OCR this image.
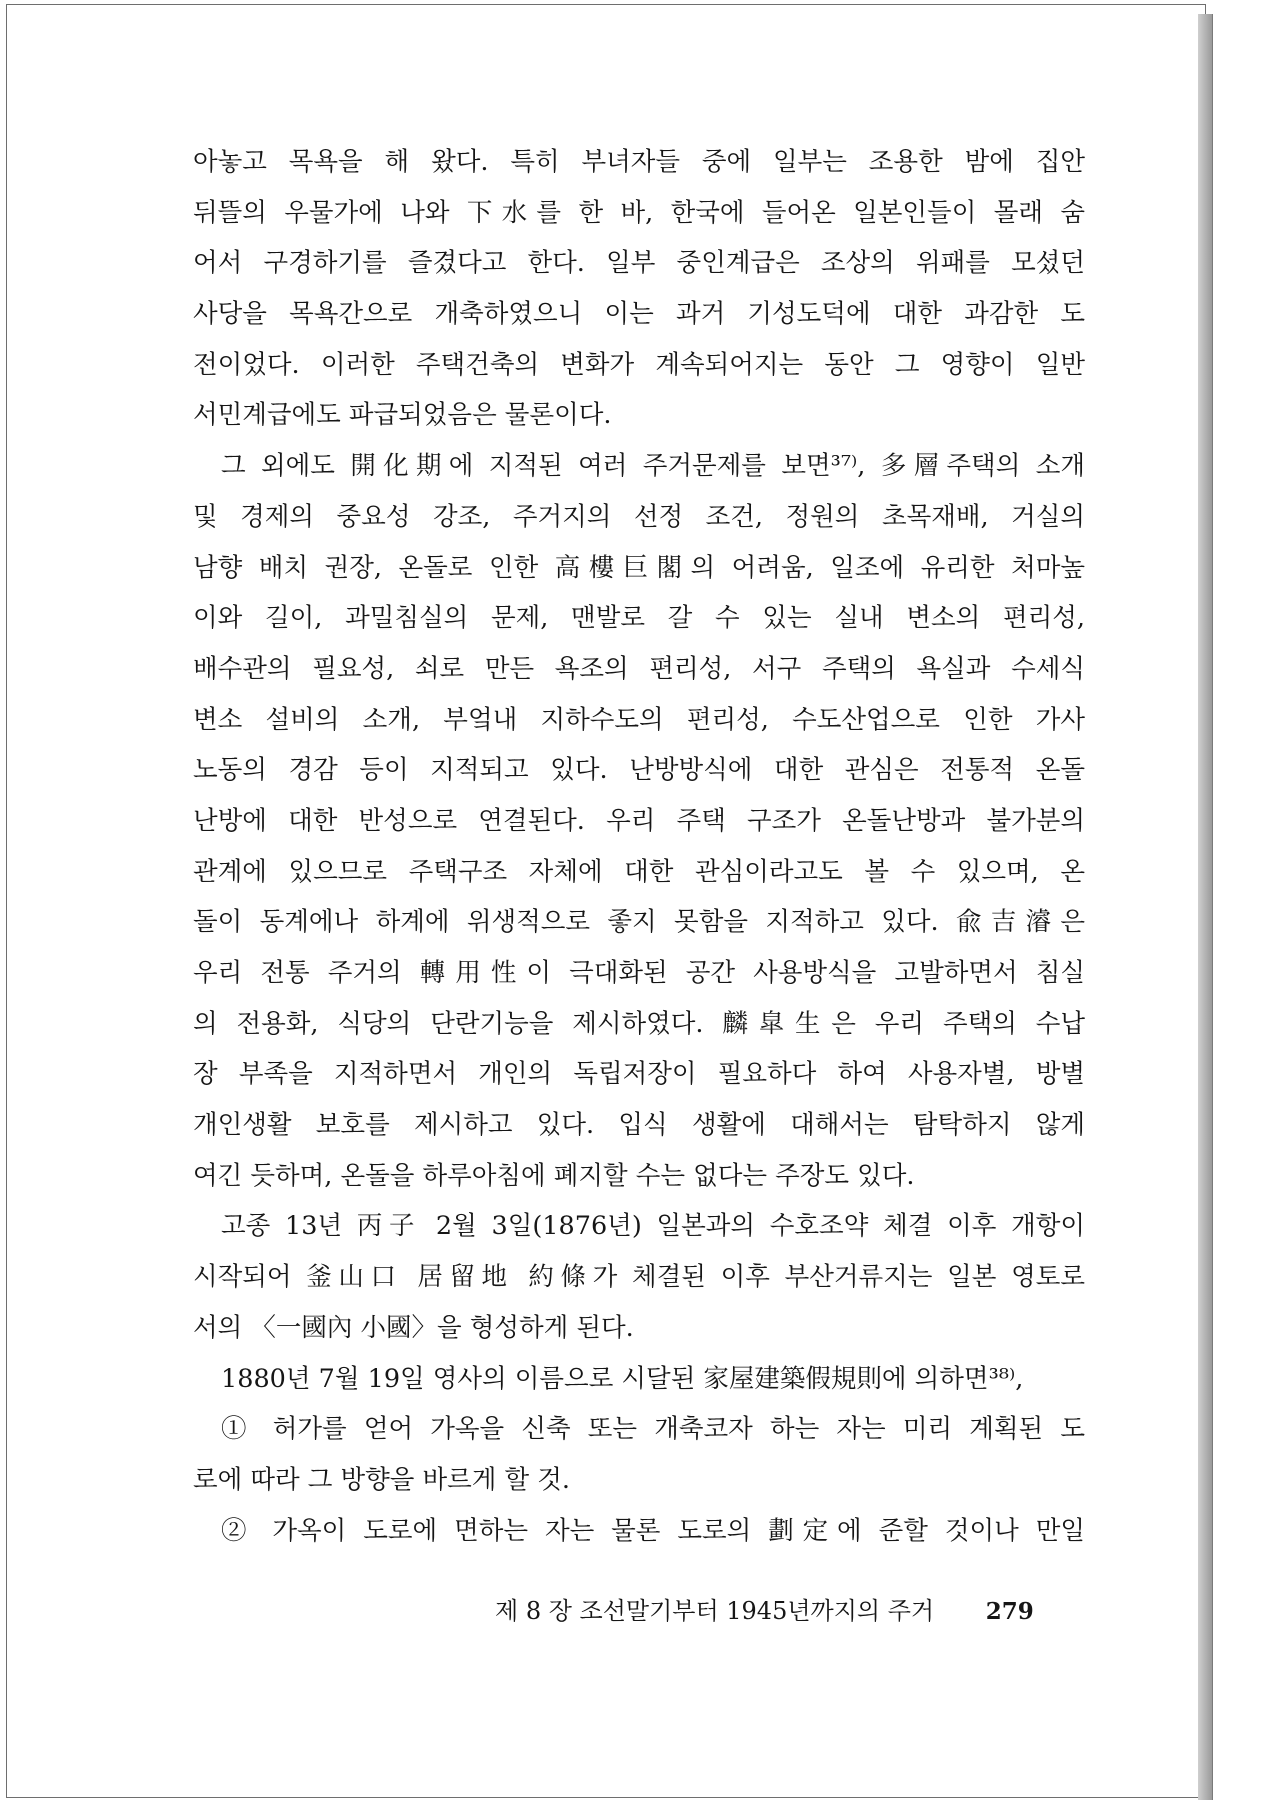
아놓고 목욕을 해 왔다. 특히 부녀자들 중에 일부는 조용한 밤에 집안
뒤뜰의 우물가에 나와 下水를 한 바, 한국에 들어온 일본인들이 몰래 숨
어서 구경하기를 즐겼다고 한다. 일부 중인계급은 조상의 위패를 모셨던
사당을 목욕간으로 개축하였으니 이는 과거 기성도덕에 대한 과감한 도
전이었다. 이러한 주택건축의 변화가 계속되어지는 동안 그 영향이 일반
서민계급에도 파급되었음은 물론이다.
그 외에도 開化期에 지적된 여러 주거문제를 보면³⁷⁾, 多層주택의 소개
및 경제의 중요성 강조, 주거지의 선정 조건, 정원의 초목재배, 거실의
남향 배치 권장, 온돌로 인한 高樓巨閣의 어려움, 일조에 유리한 처마높
이와 길이, 과밀침실의 문제, 맨발로 갈 수 있는 실내 변소의 편리성,
배수관의 필요성, 쇠로 만든 욕조의 편리성, 서구 주택의 욕실과 수세식
변소 설비의 소개, 부엌내 지하수도의 편리성, 수도산업으로 인한 가사
노동의 경감 등이 지적되고 있다. 난방방식에 대한 관심은 전통적 온돌
난방에 대한 반성으로 연결된다. 우리 주택 구조가 온돌난방과 불가분의
관계에 있으므로 주택구조 자체에 대한 관심이라고도 볼 수 있으며, 온
돌이 동계에나 하계에 위생적으로 좋지 못함을 지적하고 있다. 兪吉濬은
우리 전통 주거의 轉用性이 극대화된 공간 사용방식을 고발하면서 침실
의 전용화, 식당의 단란기능을 제시하였다. 麟皐生은 우리 주택의 수납
장 부족을 지적하면서 개인의 독립저장이 필요하다 하여 사용자별, 방별
개인생활 보호를 제시하고 있다. 입식 생활에 대해서는 탐탁하지 않게
여긴 듯하며, 온돌을 하루아침에 폐지할 수는 없다는 주장도 있다.
고종 13년 丙子 2월 3일(1876년) 일본과의 수호조약 체결 이후 개항이
시작되어 釜山口 居留地 約條가 체결된 이후 부산거류지는 일본 영토로
서의 〈一國內 小國〉을 형성하게 된다.
1880년 7월 19일 영사의 이름으로 시달된 家屋建築假規則에 의하면³⁸⁾,
① 허가를 얻어 가옥을 신축 또는 개축코자 하는 자는 미리 계획된 도
로에 따라 그 방향을 바르게 할 것.
② 가옥이 도로에 면하는 자는 물론 도로의 劃定에 준할 것이나 만일
제 8 장 조선말기부터 1945년까지의 주거 279
